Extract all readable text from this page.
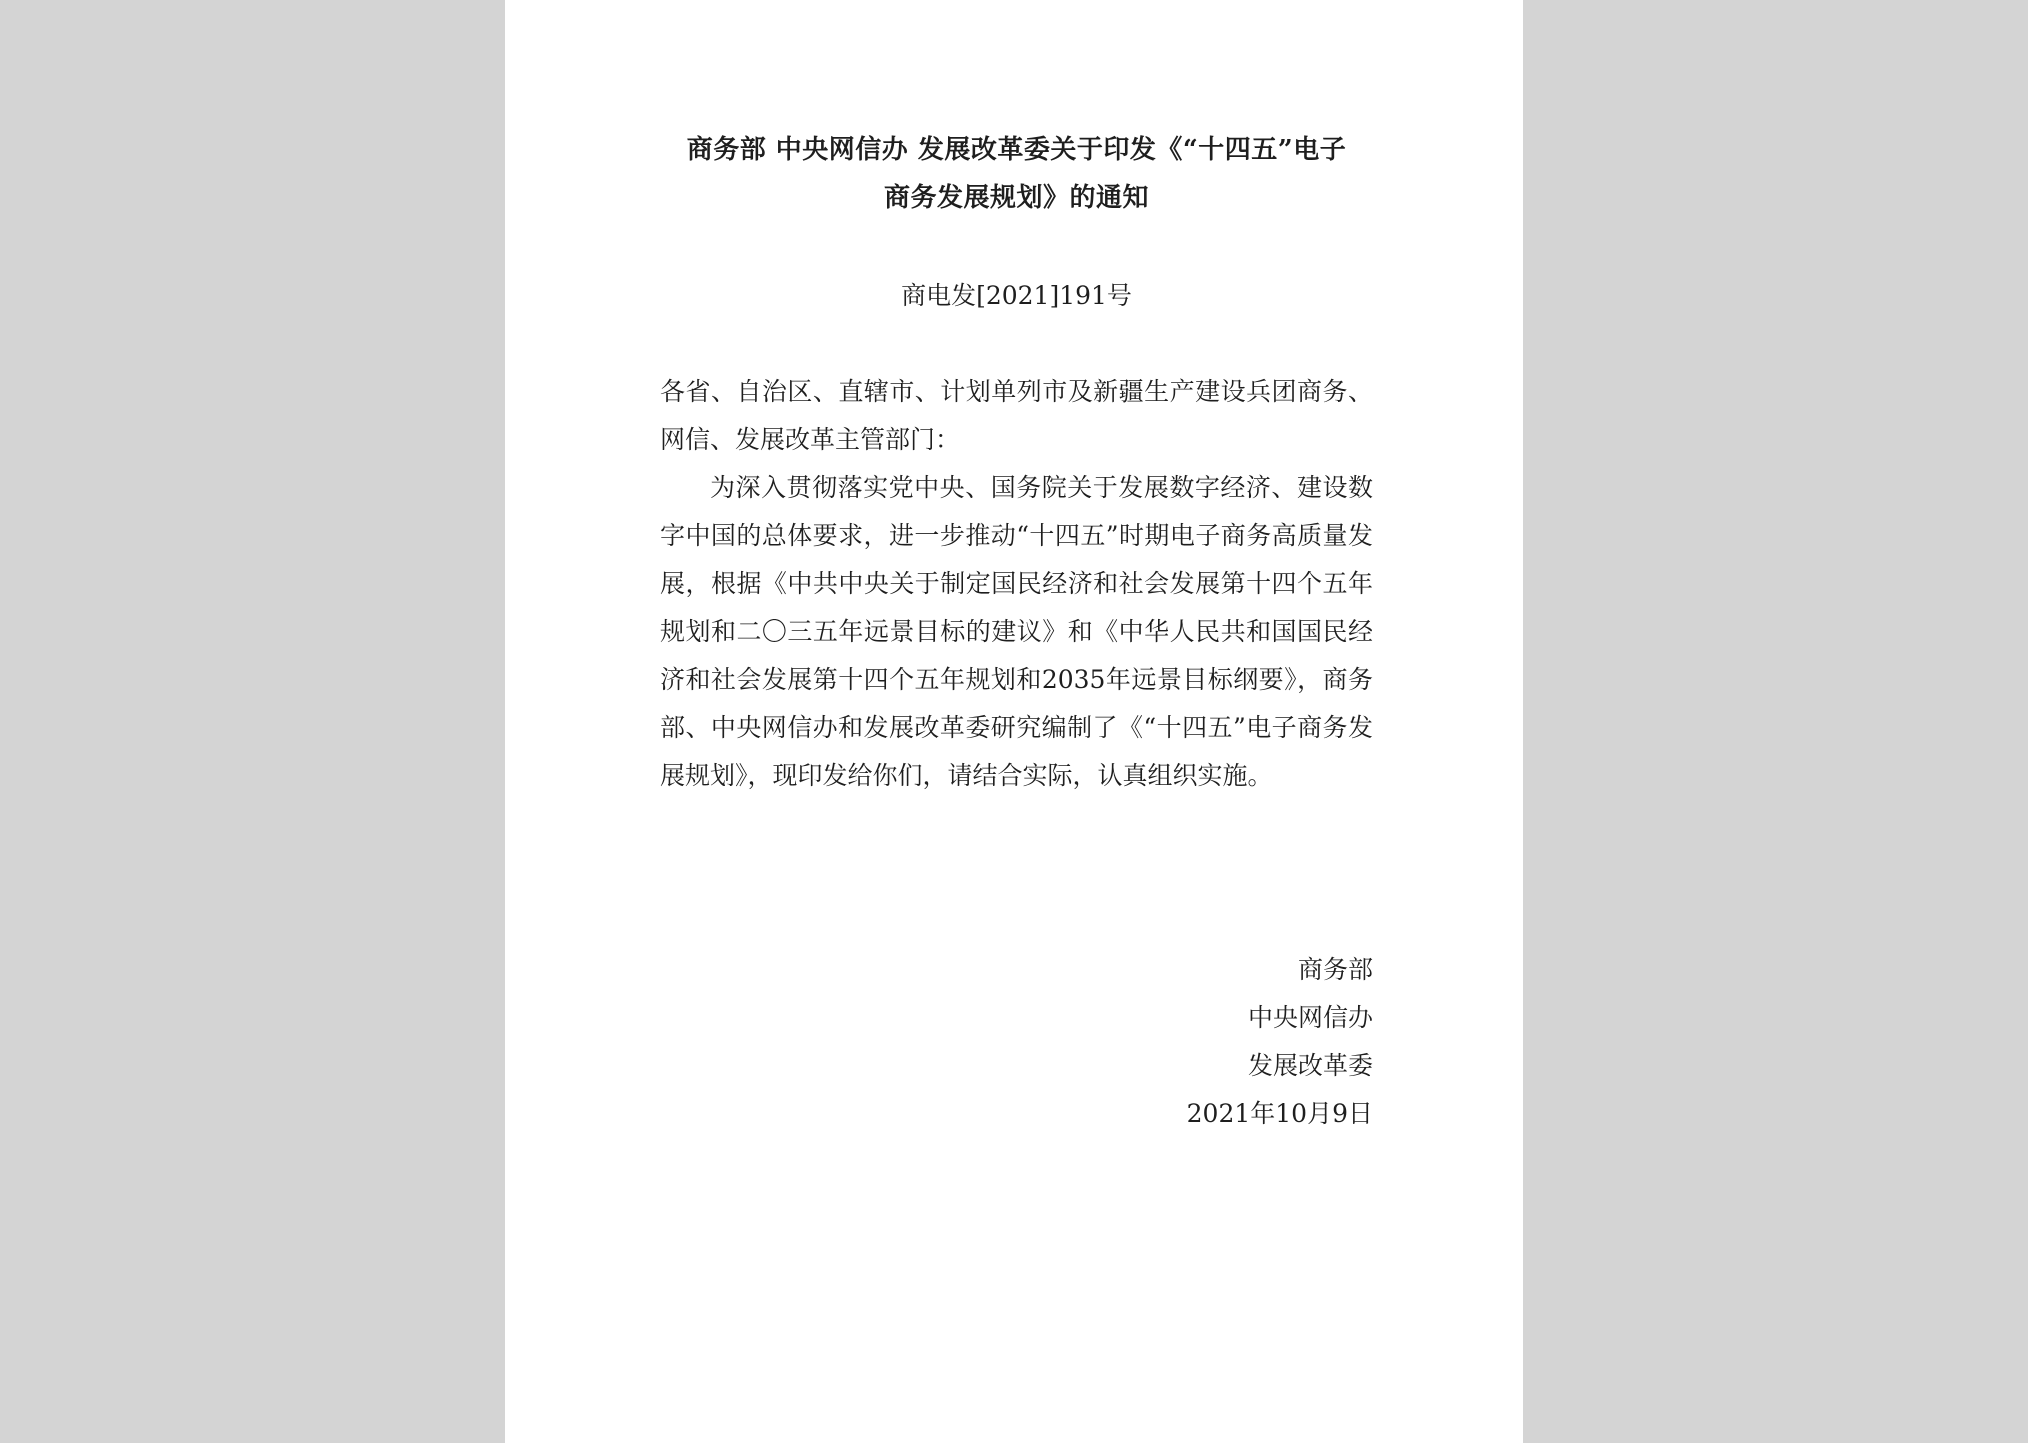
商务部 中央网信办 发展改革委关于印发《“十四五”电子
商务发展规划》的通知
商电发[2021]191号

各省、自治区、直辖市、计划单列市及新疆生产建设兵团商务、网信、发展改革主管部门：

为深入贯彻落实党中央、国务院关于发展数字经济、建设数字中国的总体要求，进一步推动“十四五”时期电子商务高质量发展，根据《中共中央关于制定国民经济和社会发展第十四个五年规划和二〇三五年远景目标的建议》和《中华人民共和国国民经济和社会发展第十四个五年规划和2035年远景目标纲要》，商务部、中央网信办和发展改革委研究编制了《“十四五”电子商务发展规划》，现印发给你们，请结合实际，认真组织实施。

商务部
中央网信办
发展改革委
2021年10月9日
